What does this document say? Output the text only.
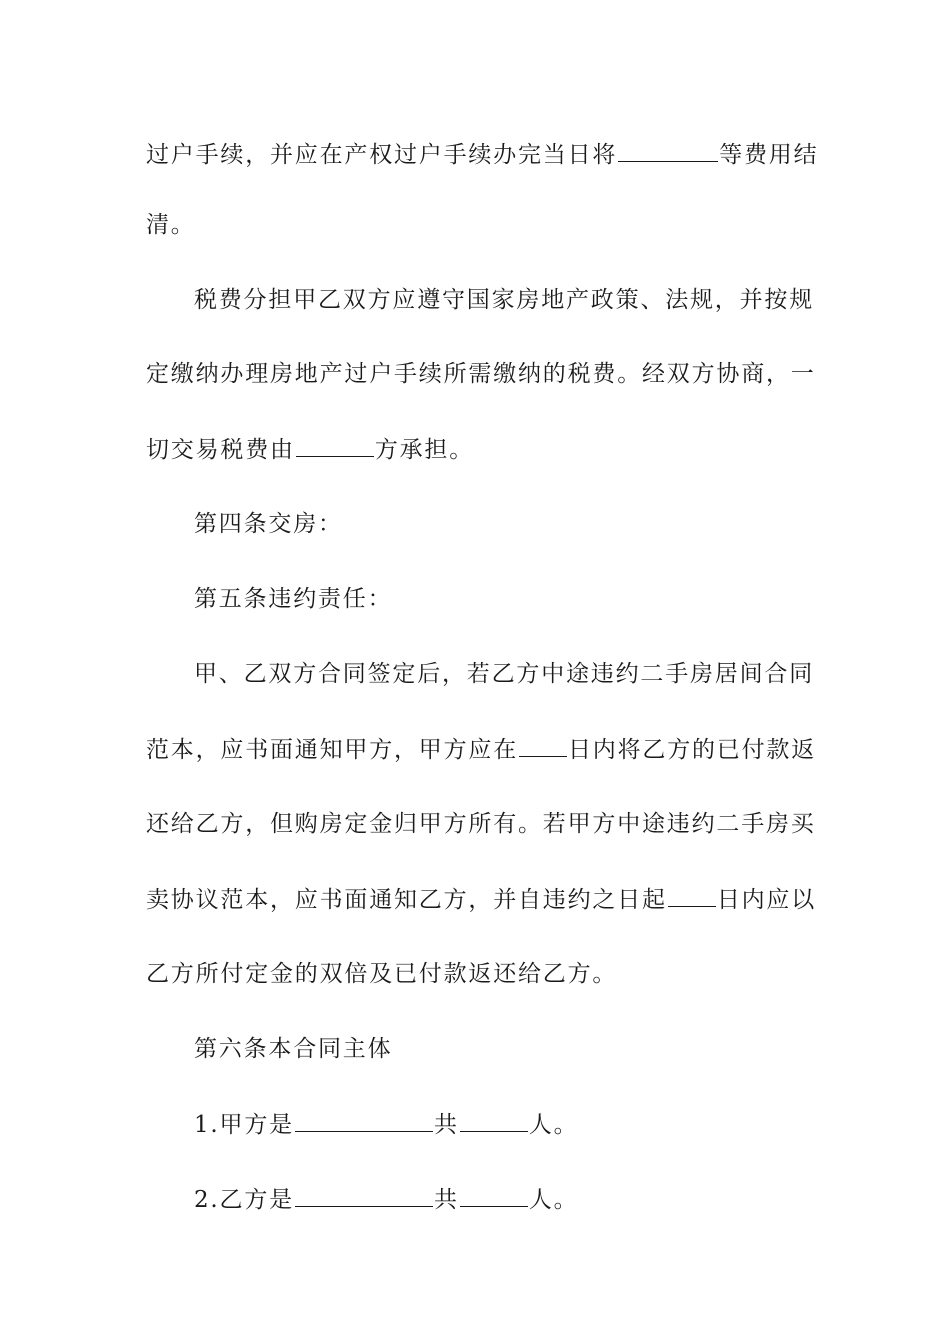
过户手续，并应在产权过户手续办完当日将	等费用结
清。
税费分担甲乙双方应遵守国家房地产政策、法规，并按规
定缴纳办理房地产过户手续所需缴纳的税费。经双方协商，一
切交易税费由	方承担。
第四条交房：
第五条违约责任：
甲、乙双方合同签定后，若乙方中途违约二手房居间合同
范本，应书面通知甲方，甲方应在 日内将乙方的已付款返
还给乙方，但购房定金归甲方所有。若甲方中途违约二手房买
卖协议范本，应书面通知乙方，并自违约之日起 日内应以
乙方所付定金的双倍及已付款返还给乙方。
第六条本合同主体
1.甲方是	共	人。
2.乙方是	共	人。
